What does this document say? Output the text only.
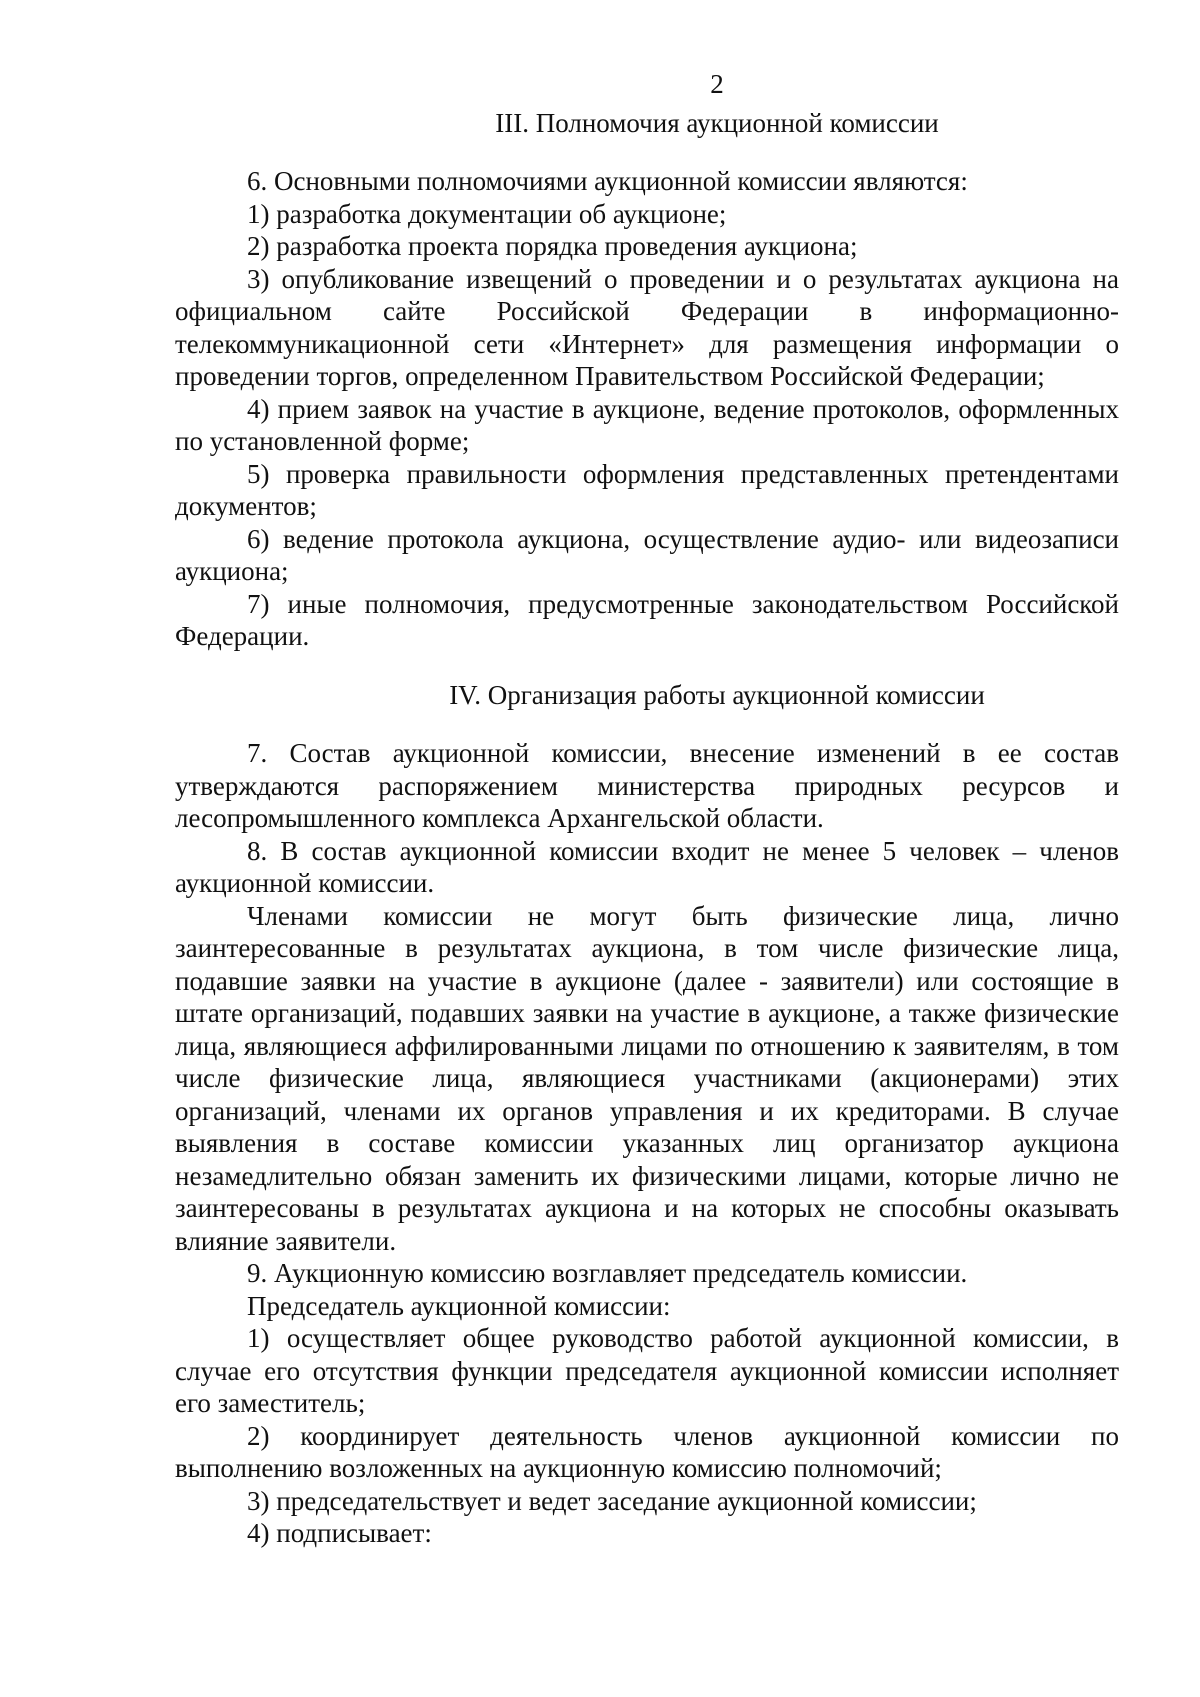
2
III. Полномочия аукционной комиссии

6. Основными полномочиями аукционной комиссии являются:

1) разработка документации об аукционе;

2) разработка проекта порядка проведения аукциона;

3) опубликование извещений о проведении и о результатах аукциона на официальном сайте Российской Федерации в информационно-телекоммуникационной сети «Интернет» для размещения информации о проведении торгов, определенном Правительством Российской Федерации;

4) прием заявок на участие в аукционе, ведение протоколов, оформленных по установленной форме;

5) проверка правильности оформления представленных претендентами документов;

6) ведение протокола аукциона, осуществление аудио- или видеозаписи аукциона;

7) иные полномочия, предусмотренные законодательством Российской Федерации.

IV. Организация работы аукционной комиссии

7. Состав аукционной комиссии, внесение изменений в ее состав утверждаются распоряжением министерства природных ресурсов и лесопромышленного комплекса Архангельской области.

8. В состав аукционной комиссии входит не менее 5 человек – членов аукционной комиссии.

Членами комиссии не могут быть физические лица, лично заинтересованные в результатах аукциона, в том числе физические лица, подавшие заявки на участие в аукционе (далее - заявители) или состоящие в штате организаций, подавших заявки на участие в аукционе, а также физические лица, являющиеся аффилированными лицами по отношению к заявителям, в том числе физические лица, являющиеся участниками (акционерами) этих организаций, членами их органов управления и их кредиторами. В случае выявления в составе комиссии указанных лиц организатор аукциона незамедлительно обязан заменить их физическими лицами, которые лично не заинтересованы в результатах аукциона и на которых не способны оказывать влияние заявители.

9. Аукционную комиссию возглавляет председатель комиссии.

Председатель аукционной комиссии:

1) осуществляет общее руководство работой аукционной комиссии, в случае его отсутствия функции председателя аукционной комиссии исполняет его заместитель;

2) координирует деятельность членов аукционной комиссии по выполнению возложенных на аукционную комиссию полномочий;

3) председательствует и ведет заседание аукционной комиссии;

4) подписывает:
